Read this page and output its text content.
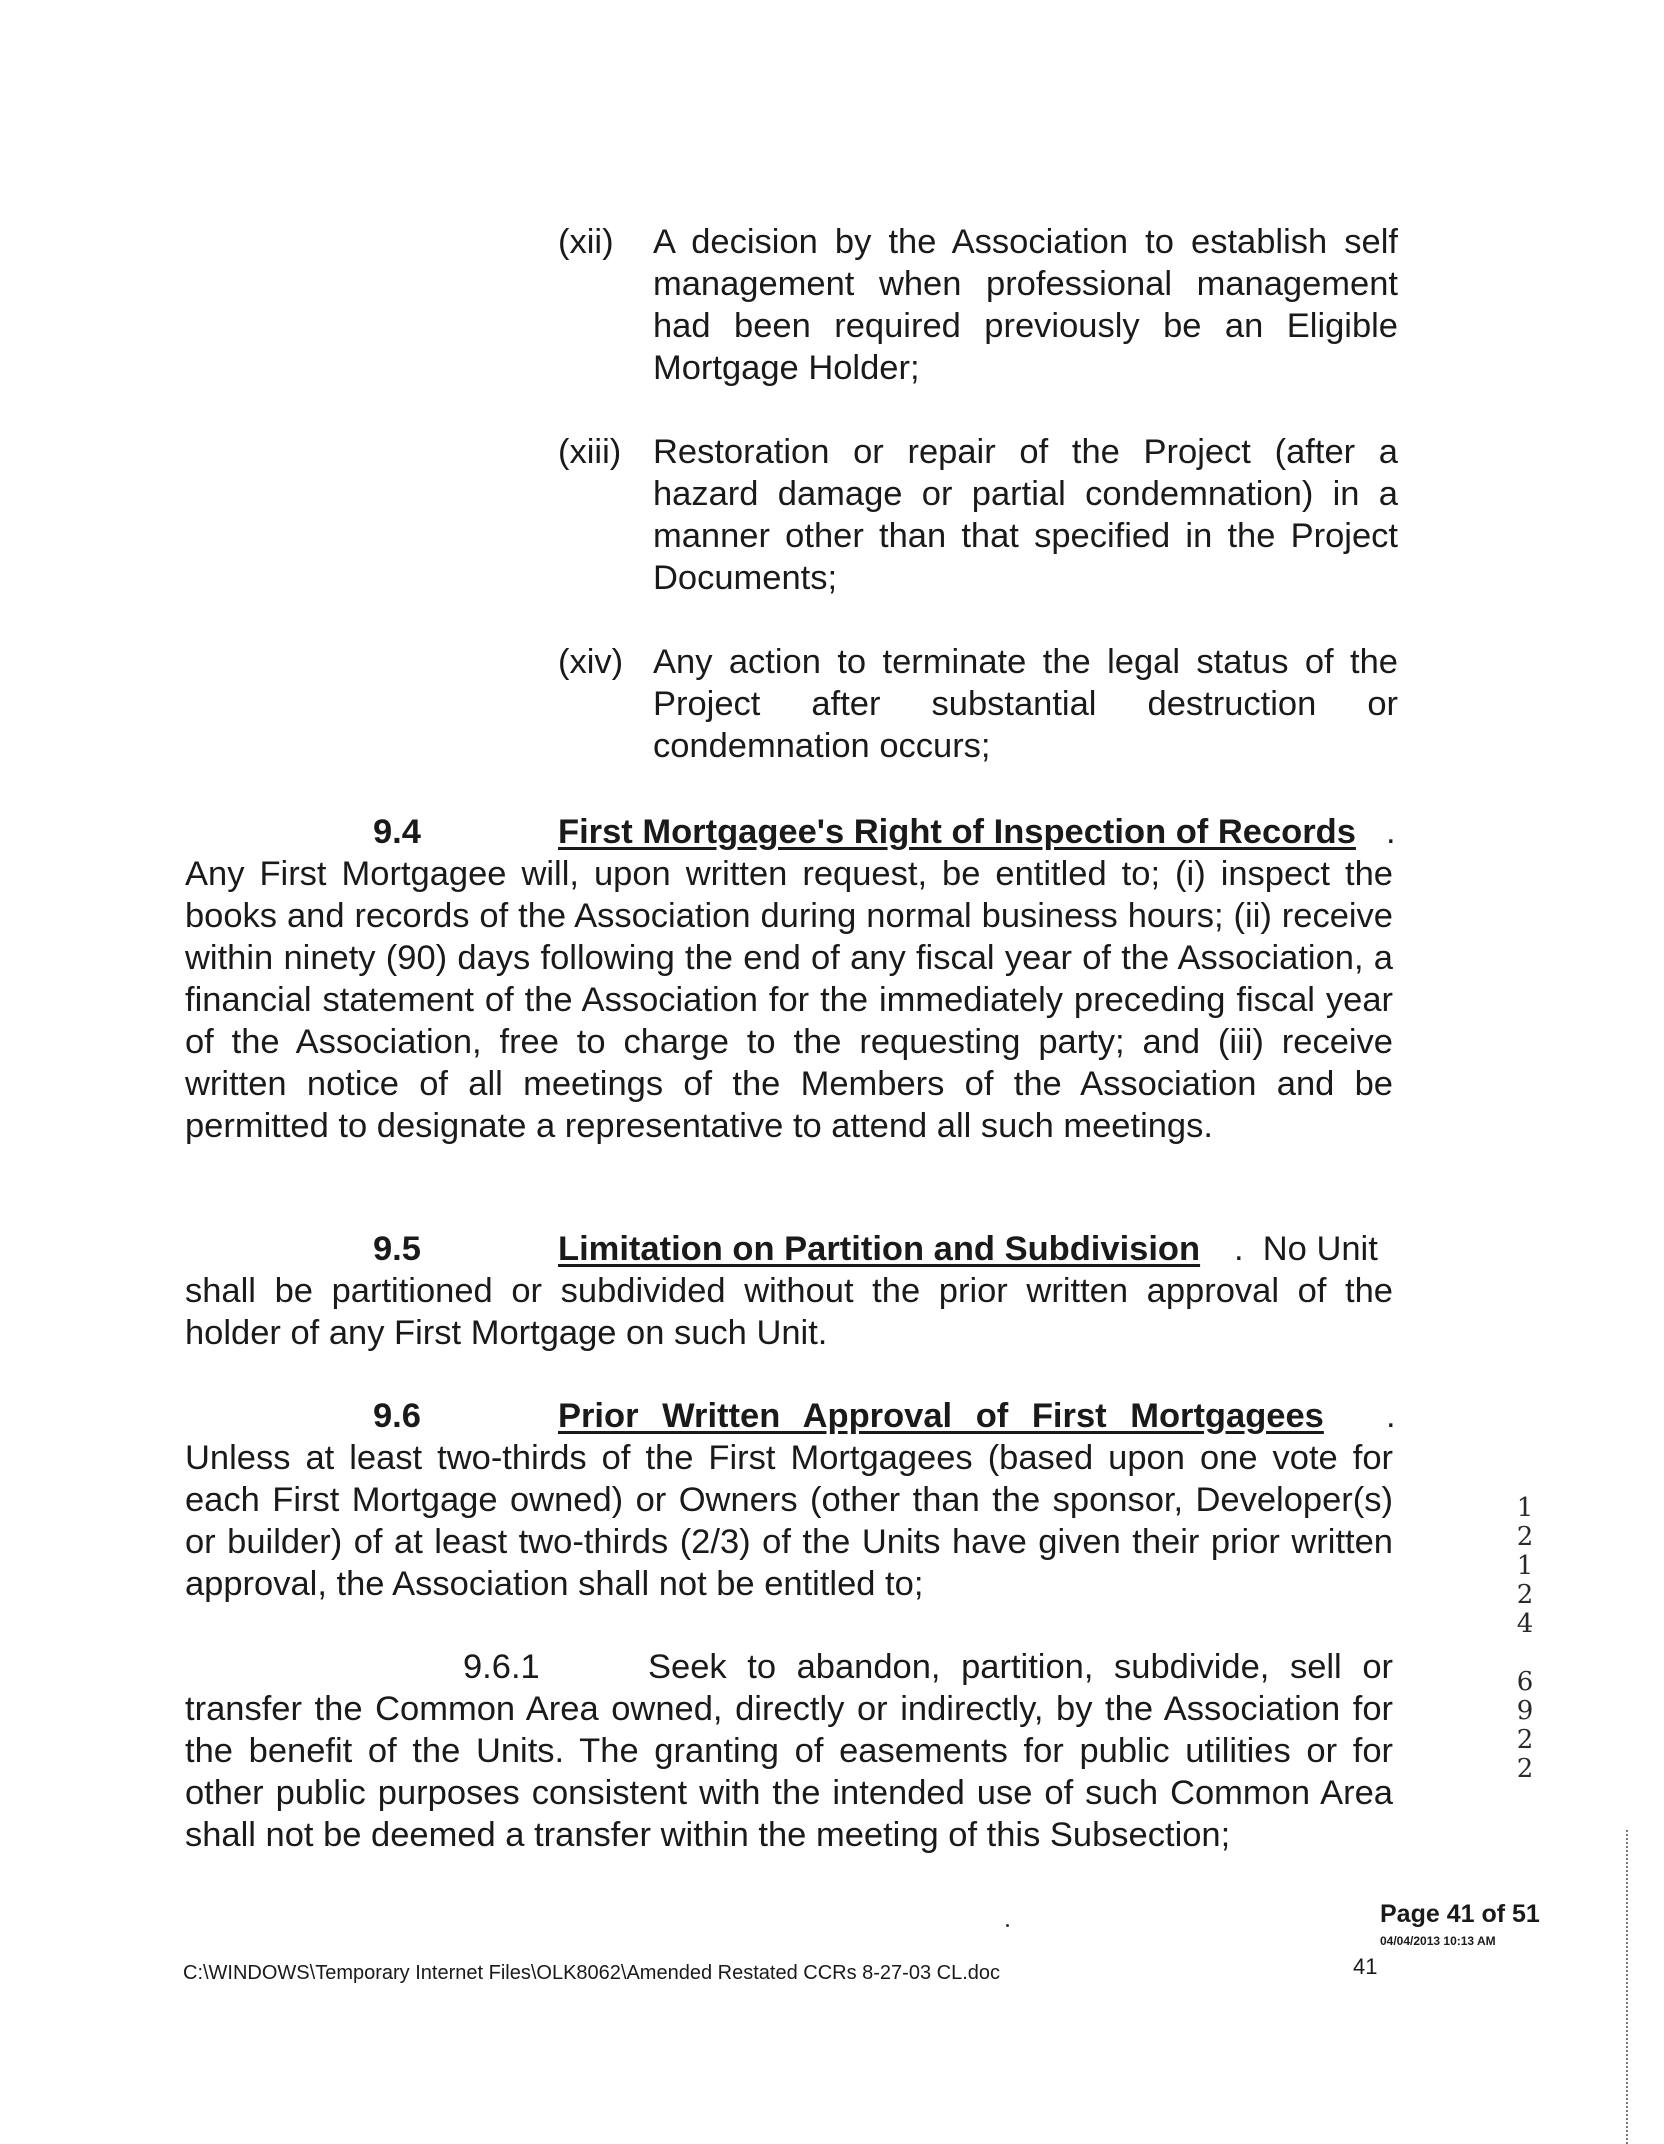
(xii) A decision by the Association to establish self management when professional management had been required previously be an Eligible Mortgage Holder;
(xiii) Restoration or repair of the Project (after a hazard damage or partial condemnation) in a manner other than that specified in the Project Documents;
(xiv) Any action to terminate the legal status of the Project after substantial destruction or condemnation occurs;
9.4	First Mortgagee's Right of Inspection of Records .
Any First Mortgagee will, upon written request, be entitled to; (i) inspect the books and records of the Association during normal business hours; (ii) receive within ninety (90) days following the end of any fiscal year of the Association, a financial statement of the Association for the immediately preceding fiscal year of the Association, free to charge to the requesting party; and (iii) receive written notice of all meetings of the Members of the Association and be permitted to designate a representative to attend all such meetings.
9.5	Limitation on Partition and Subdivision .  No Unit
shall be partitioned or subdivided without the prior written approval of the holder of any First Mortgage on such Unit.
9.6	Prior Written Approval of First Mortgagees .
Unless at least two-thirds of the First Mortgagees (based upon one vote for each First Mortgage owned) or Owners (other than the sponsor, Developer(s) or builder) of at least two-thirds (2/3) of the Units have given their prior written approval, the Association shall not be entitled to;
9.6.1	Seek to abandon, partition, subdivide, sell or
transfer the Common Area owned, directly or indirectly, by the Association for the benefit of the Units. The granting of easements for public utilities or for other public purposes consistent with the intended use of such Common Area shall not be deemed a transfer within the meeting of this Subsection;
1
2
1
2
4
6
9
2
2
Page 41 of 51
04/04/2013 10:13 AM
C:\WINDOWS\Temporary Internet Files\OLK8062\Amended Restated CCRs 8-27-03 CL.doc	41
